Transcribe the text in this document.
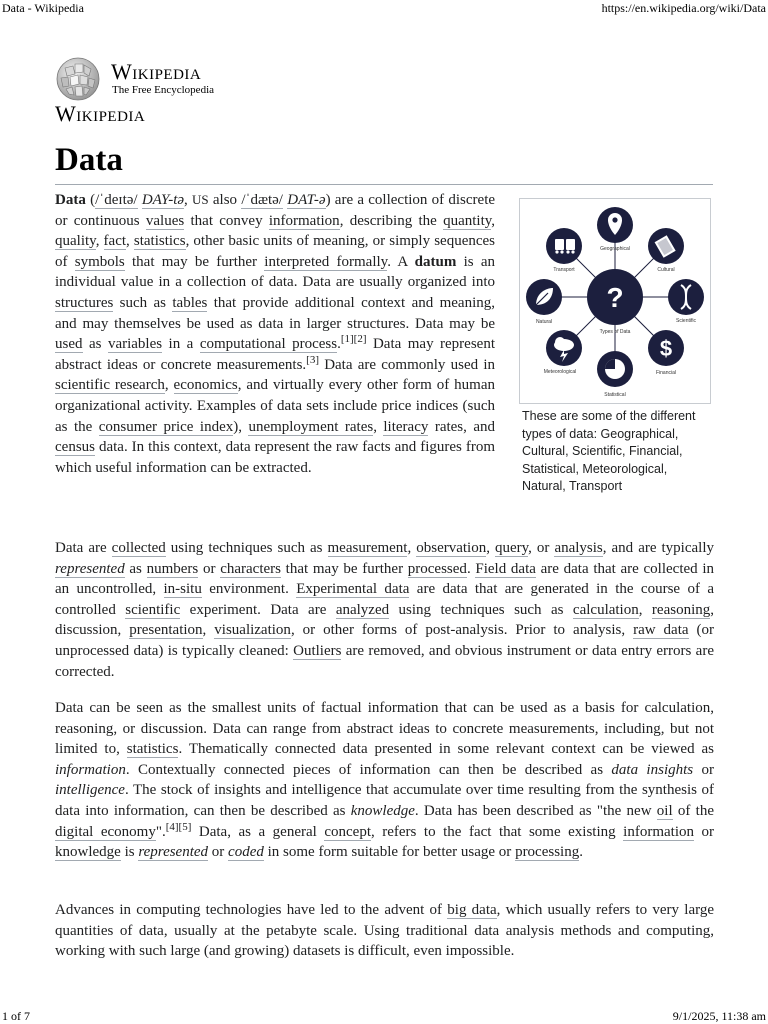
Data - Wikipedia	https://en.wikipedia.org/wiki/Data
Wikipedia
The Free Encyclopedia
Wikipedia
Data

Data (/ˈdeɪtə/ DAY-tə, US also /ˈdætə/ DAT-ə) are a collection of discrete or continuous values that convey information, describing the quantity, quality, fact, statistics, other basic units of meaning, or simply sequences of symbols that may be further interpreted formally. A datum is an individual value in a collection of data. Data are usually organized into structures such as tables that provide additional context and meaning, and may themselves be used as data in larger structures. Data may be used as variables in a computational process.[1][2] Data may represent abstract ideas or concrete measurements.[3] Data are commonly used in scientific research, economics, and virtually every other form of human organizational activity. Examples of data sets include price indices (such as the consumer price index), unemployment rates, literacy rates, and census data. In this context, data represent the raw facts and figures from which useful information can be extracted.

?
$
Types of Data
Geographical
Cultural
Scientific
Financial
Statistical
Meteorological
Natural
Transport
These are some of the different types of data: Geographical, Cultural, Scientific, Financial, Statistical, Meteorological, Natural, Transport

Data are collected using techniques such as measurement, observation, query, or analysis, and are typically represented as numbers or characters that may be further processed. Field data are data that are collected in an uncontrolled, in-situ environment. Experimental data are data that are generated in the course of a controlled scientific experiment. Data are analyzed using techniques such as calculation, reasoning, discussion, presentation, visualization, or other forms of post-analysis. Prior to analysis, raw data (or unprocessed data) is typically cleaned: Outliers are removed, and obvious instrument or data entry errors are corrected.

Data can be seen as the smallest units of factual information that can be used as a basis for calculation, reasoning, or discussion. Data can range from abstract ideas to concrete measurements, including, but not limited to, statistics. Thematically connected data presented in some relevant context can be viewed as information. Contextually connected pieces of information can then be described as data insights or intelligence. The stock of insights and intelligence that accumulate over time resulting from the synthesis of data into information, can then be described as knowledge. Data has been described as "the new oil of the digital economy".[4][5] Data, as a general concept, refers to the fact that some existing information or knowledge is represented or coded in some form suitable for better usage or processing.

Advances in computing technologies have led to the advent of big data, which usually refers to very large quantities of data, usually at the petabyte scale. Using traditional data analysis methods and computing, working with such large (and growing) datasets is difficult, even impossible.

1 of 7	9/1/2025, 11:38 am
